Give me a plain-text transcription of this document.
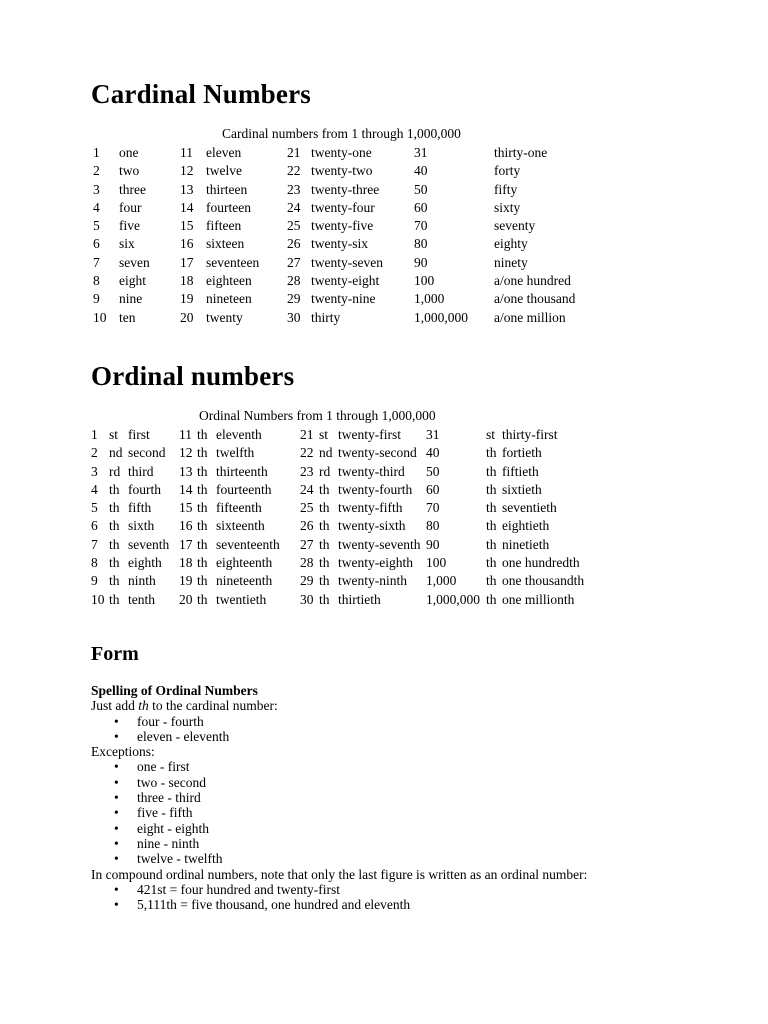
Cardinal Numbers

Cardinal numbers from 1 through 1,000,000

1	one	11	eleven	21	twenty-one	31	thirty-one
2	two	12	twelve	22	twenty-two	40	forty
3	three	13	thirteen	23	twenty-three	50	fifty
4	four	14	fourteen	24	twenty-four	60	sixty
5	five	15	fifteen	25	twenty-five	70	seventy
6	six	16	sixteen	26	twenty-six	80	eighty
7	seven	17	seventeen	27	twenty-seven	90	ninety
8	eight	18	eighteen	28	twenty-eight	100	a/one hundred
9	nine	19	nineteen	29	twenty-nine	1,000	a/one thousand
10	ten	20	twenty	30	thirty	1,000,000	a/one million
Ordinal numbers

Ordinal Numbers from 1 through 1,000,000

1	st	first	11	th	eleventh	21	st	twenty-first	31	st	thirty-first
2	nd	second	12	th	twelfth	22	nd	twenty-second	40	th	fortieth
3	rd	third	13	th	thirteenth	23	rd	twenty-third	50	th	fiftieth
4	th	fourth	14	th	fourteenth	24	th	twenty-fourth	60	th	sixtieth
5	th	fifth	15	th	fifteenth	25	th	twenty-fifth	70	th	seventieth
6	th	sixth	16	th	sixteenth	26	th	twenty-sixth	80	th	eightieth
7	th	seventh	17	th	seventeenth	27	th	twenty-seventh	90	th	ninetieth
8	th	eighth	18	th	eighteenth	28	th	twenty-eighth	100	th	one hundredth
9	th	ninth	19	th	nineteenth	29	th	twenty-ninth	1,000	th	one thousandth
10	th	tenth	20	th	twentieth	30	th	thirtieth	1,000,000	th	one millionth
Form
Spelling of Ordinal Numbers
Just add th to the cardinal number:
• four - fourth
• eleven - eleventh
Exceptions:
• one - first
• two - second
• three - third
• five - fifth
• eight - eighth
• nine - ninth
• twelve - twelfth
In compound ordinal numbers, note that only the last figure is written as an ordinal number:
• 421st = four hundred and twenty-first
• 5,111th = five thousand, one hundred and eleventh
